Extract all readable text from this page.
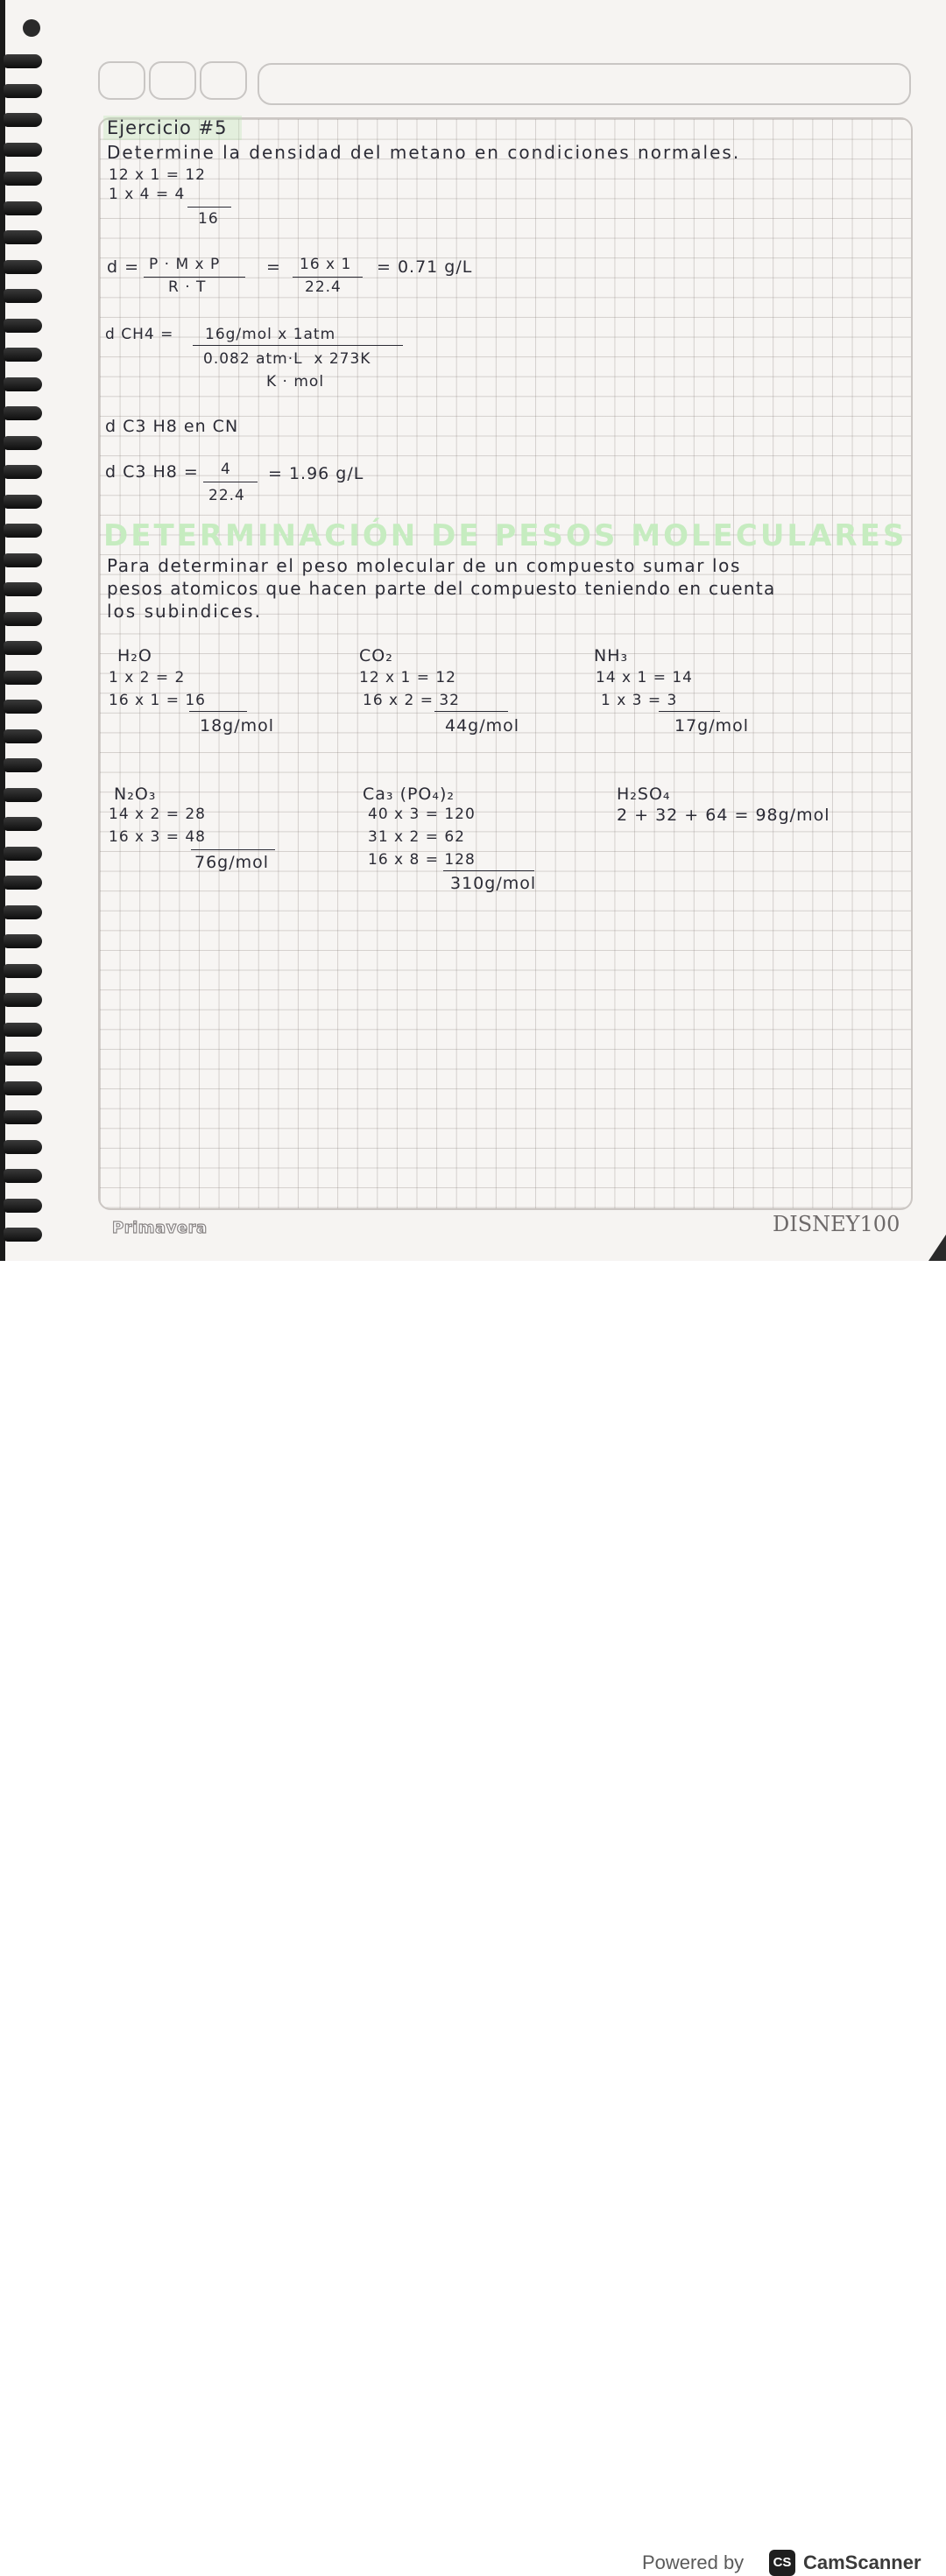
Ejercicio #5
Determine la densidad del metano en condiciones normales.
12 x 1 = 12
1 x 4 = 4
16
d = P · M x P
R · T
= 16 x 1
22.4
= 0.71 g/L
d CH4 = 16g/mol x 1atm
0.082 atm·L  x 273K
K · mol
d C3 H8 en CN
d C3 H8 = 4
22.4
= 1.96 g/L
DETERMINACIÓN DE PESOS MOLECULARES
Para determinar el peso molecular de un compuesto sumar los
pesos atomicos que hacen parte del compuesto teniendo en cuenta
los subindices.
H₂O
1 x 2 = 2
16 x 1 = 16
18g/mol
CO₂
12 x 1 = 12
16 x 2 = 32
44g/mol
NH₃
14 x 1 = 14
1 x 3 = 3
17g/mol
N₂O₃
14 x 2 = 28
16 x 3 = 48
76g/mol
Ca₃ (PO₄)₂
40 x 3 = 120
31 x 2 = 62
16 x 8 = 128
310g/mol
H₂SO₄
2 + 32 + 64 = 98g/mol
Primavera	DISNEY100
Powered by	CS CamScanner
